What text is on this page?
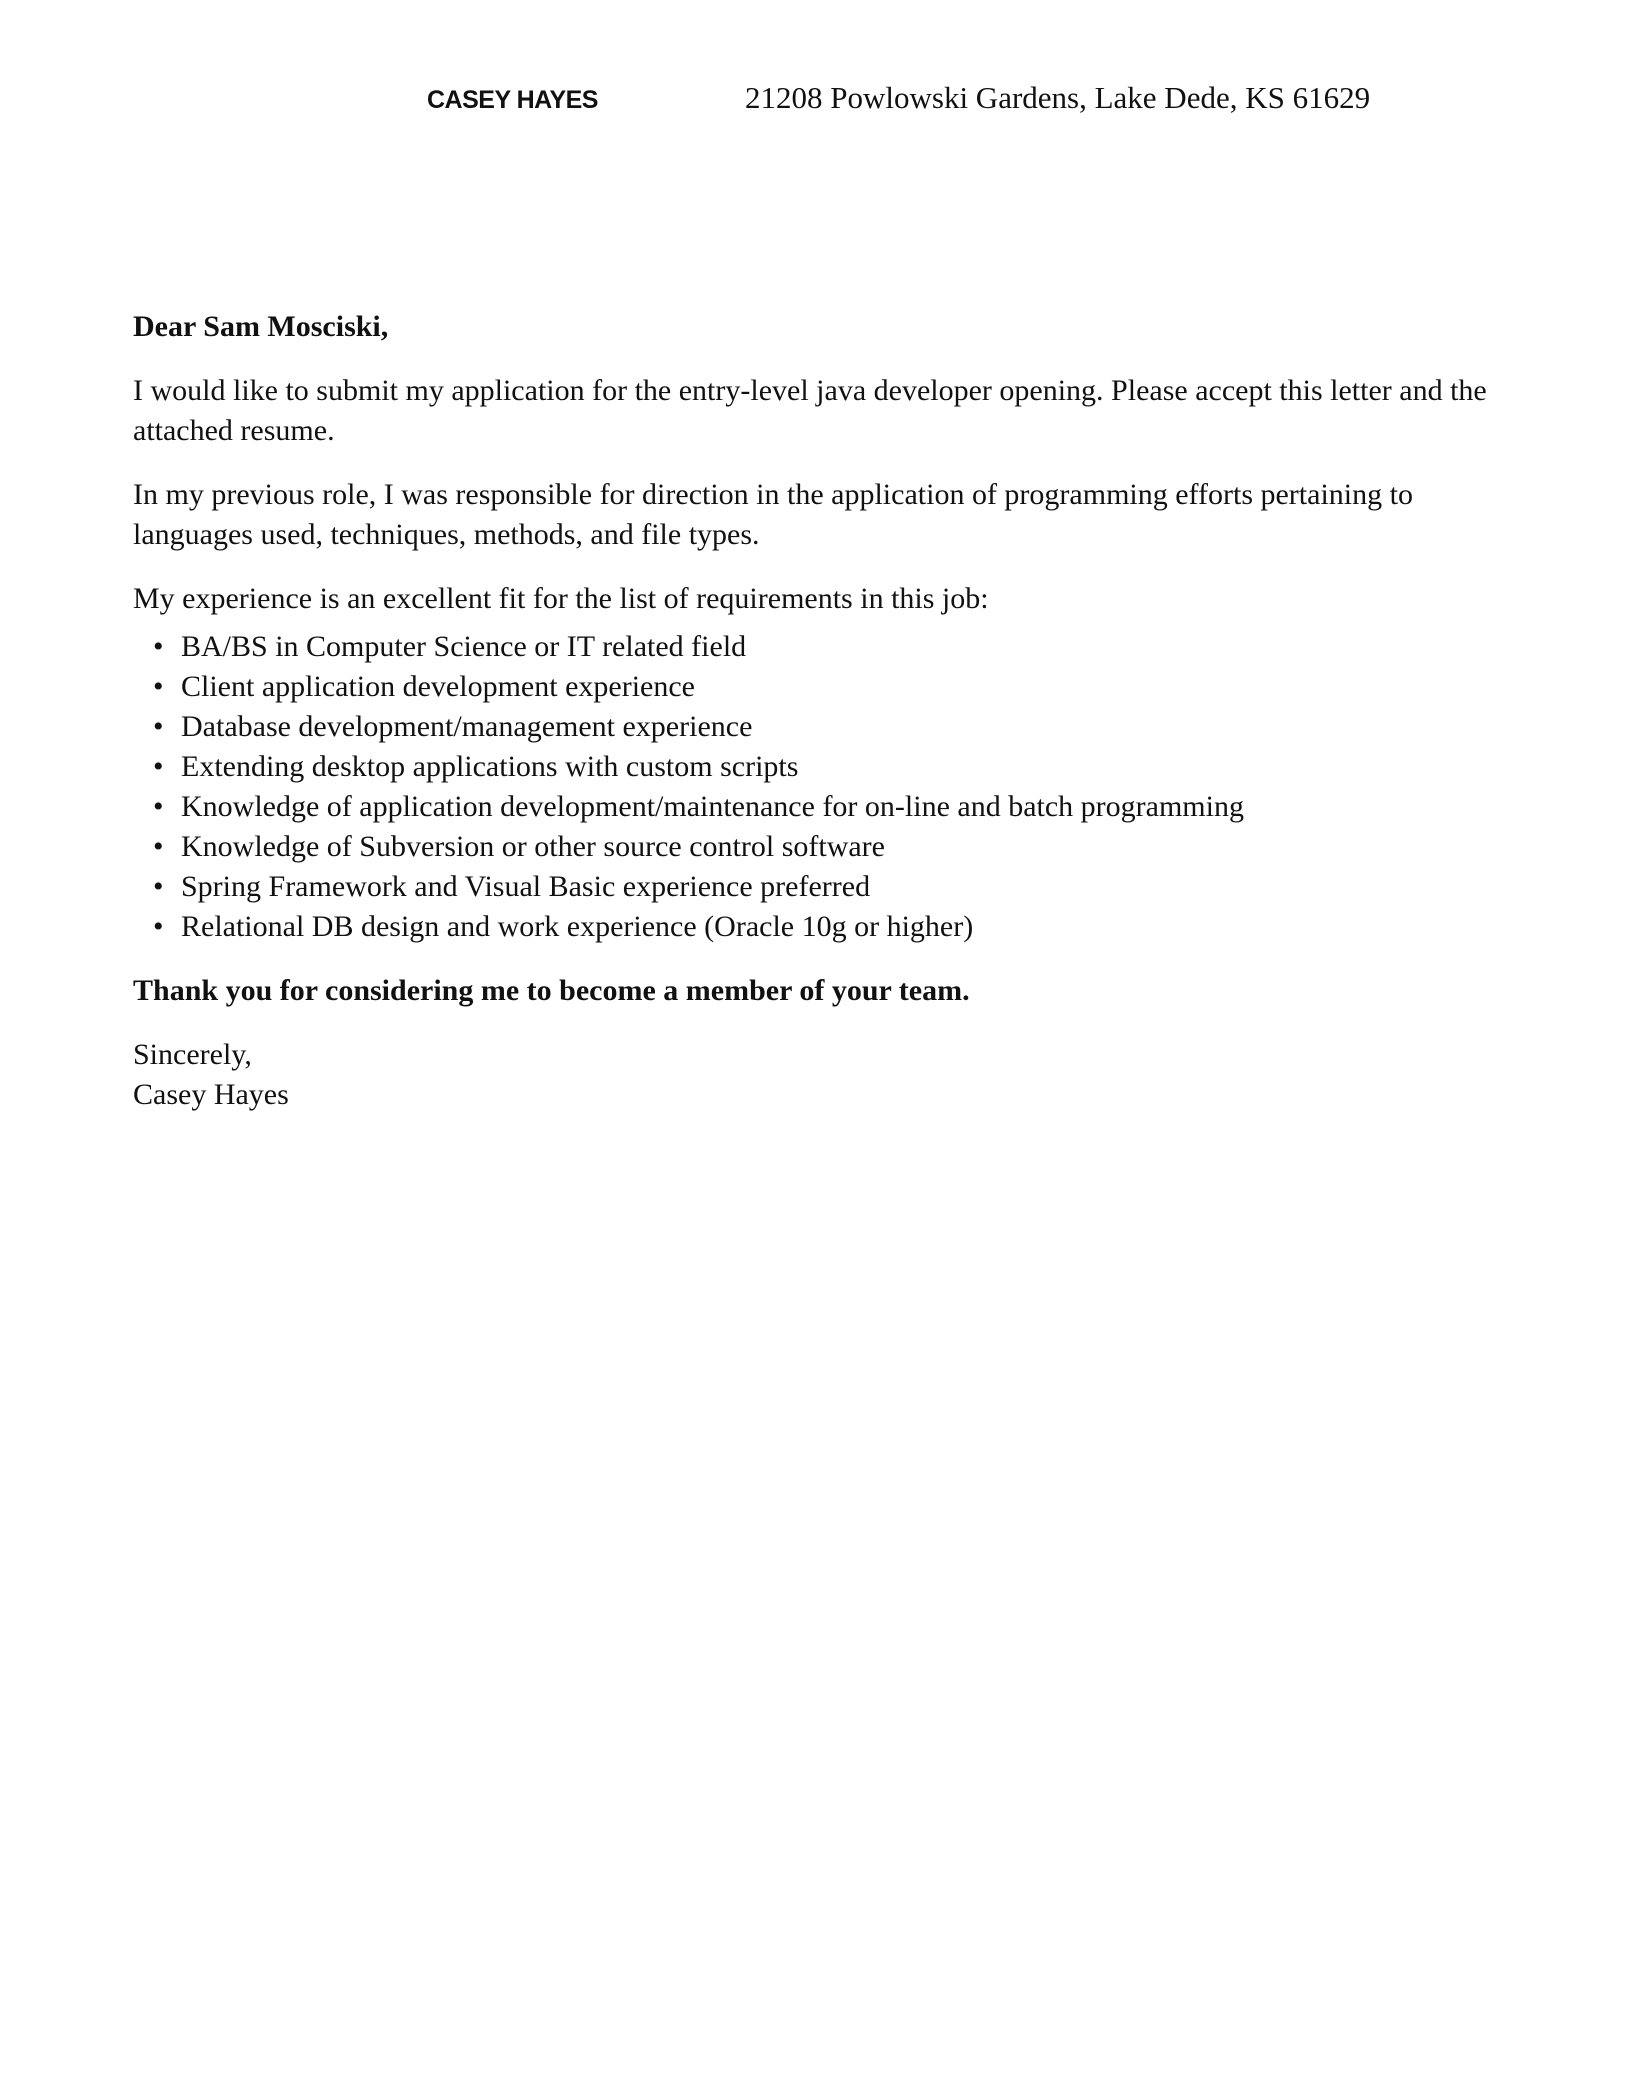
CASEY HAYES	21208 Powlowski Gardens, Lake Dede, KS 61629

Dear Sam Mosciski,

I would like to submit my application for the entry-level java developer opening. Please accept this letter and the attached resume.

In my previous role, I was responsible for direction in the application of programming efforts pertaining to languages used, techniques, methods, and file types.

My experience is an excellent fit for the list of requirements in this job:

• BA/BS in Computer Science or IT related field
• Client application development experience
• Database development/management experience
• Extending desktop applications with custom scripts
• Knowledge of application development/maintenance for on-line and batch programming
• Knowledge of Subversion or other source control software
• Spring Framework and Visual Basic experience preferred
• Relational DB design and work experience (Oracle 10g or higher)

Thank you for considering me to become a member of your team.

Sincerely,
Casey Hayes
